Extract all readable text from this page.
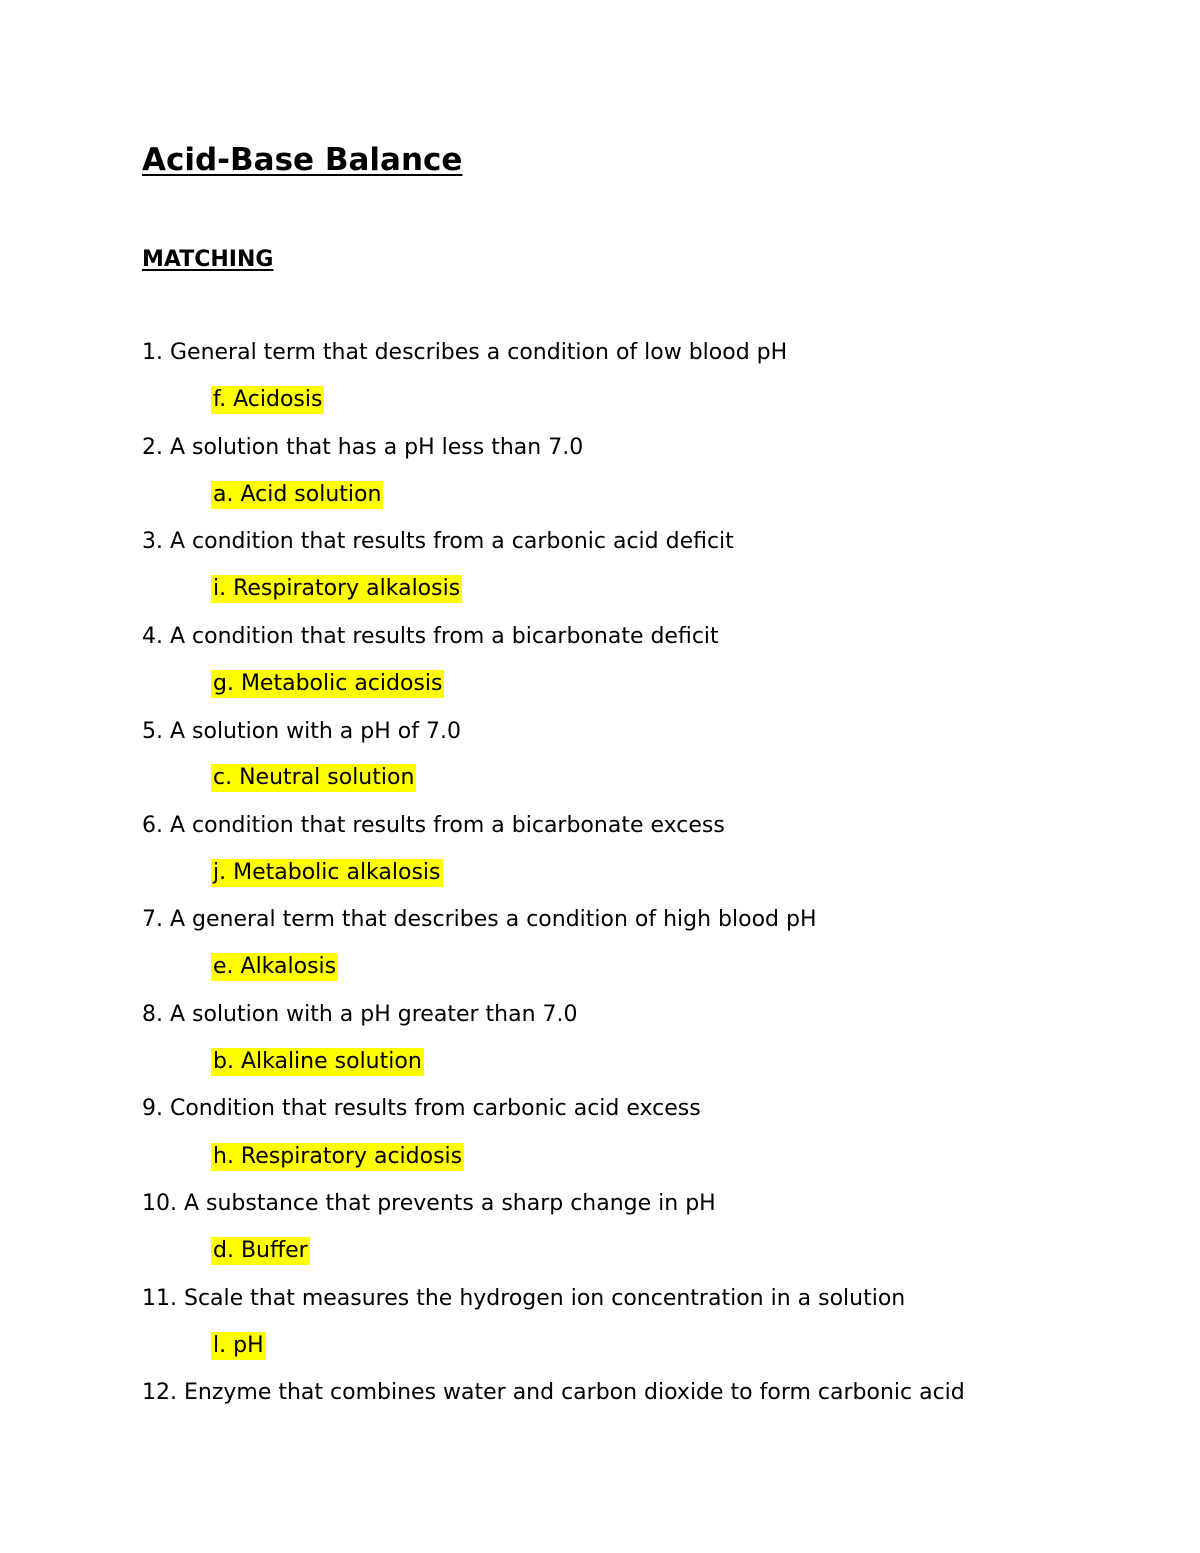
Acid-Base Balance
MATCHING
1. General term that describes a condition of low blood pH
f. Acidosis
2. A solution that has a pH less than 7.0
a. Acid solution
3. A condition that results from a carbonic acid deficit
i. Respiratory alkalosis
4. A condition that results from a bicarbonate deficit
g. Metabolic acidosis
5. A solution with a pH of 7.0
c. Neutral solution
6. A condition that results from a bicarbonate excess
j. Metabolic alkalosis
7. A general term that describes a condition of high blood pH
e. Alkalosis
8. A solution with a pH greater than 7.0
b. Alkaline solution
9. Condition that results from carbonic acid excess
h. Respiratory acidosis
10. A substance that prevents a sharp change in pH
d. Buffer
11. Scale that measures the hydrogen ion concentration in a solution
l. pH
12. Enzyme that combines water and carbon dioxide to form carbonic acid
